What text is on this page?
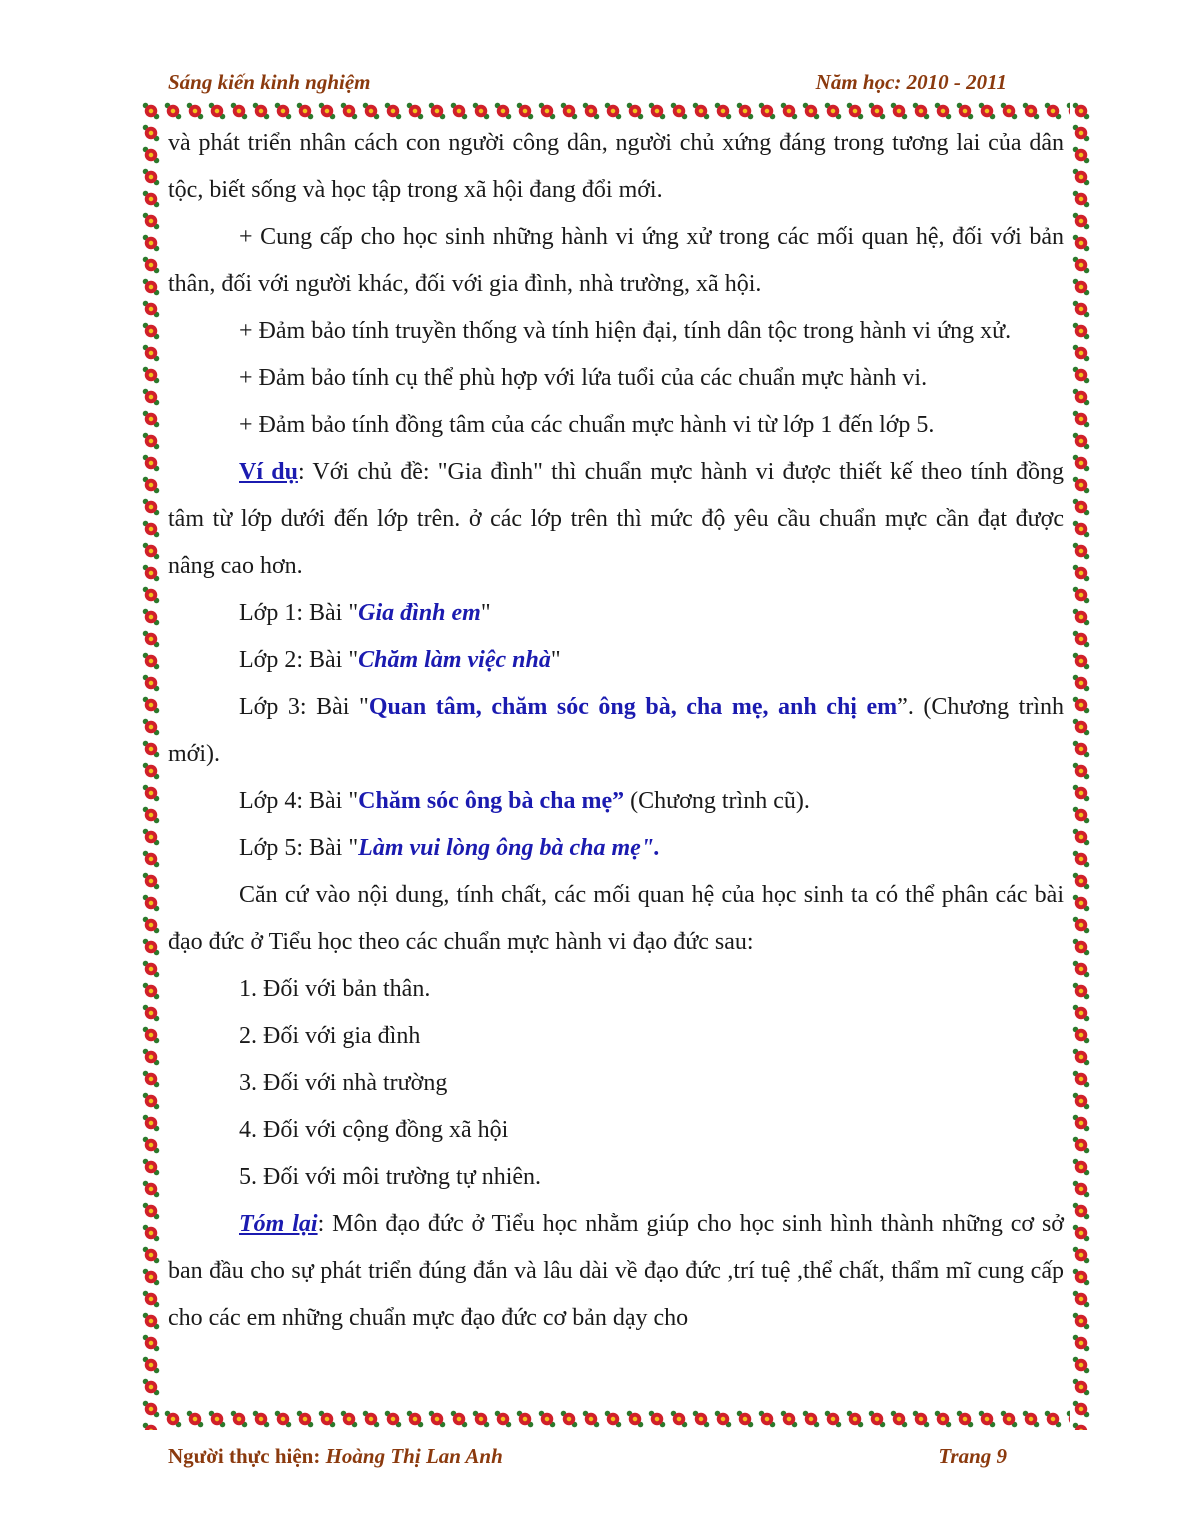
Sáng kiến kinh nghiệm	Năm học: 2010 - 2011

và phát triển nhân cách con người công dân, người chủ xứng đáng trong tương lai của dân tộc, biết sống và học tập trong xã hội đang đổi mới.

+ Cung cấp cho học sinh những hành vi ứng xử trong các mối quan hệ, đối với bản thân, đối với người khác, đối với gia đình, nhà trường, xã hội.

+ Đảm bảo tính truyền thống và tính hiện đại, tính dân tộc trong hành vi ứng xử.

+ Đảm bảo tính cụ thể phù hợp với lứa tuổi của các chuẩn mực hành vi.

+ Đảm bảo tính đồng tâm của các chuẩn mực hành vi từ lớp 1 đến lớp 5.

Ví dụ: Với chủ đề: "Gia đình" thì chuẩn mực hành vi được thiết kế theo tính đồng tâm từ lớp dưới đến lớp trên. ở các lớp trên thì mức độ yêu cầu chuẩn mực cần đạt được nâng cao hơn.

Lớp 1: Bài "Gia đình em"

Lớp 2: Bài "Chăm làm việc nhà"

Lớp 3: Bài "Quan tâm, chăm sóc ông bà, cha mẹ, anh chị em”. (Chương trình mới).

Lớp 4: Bài "Chăm sóc ông bà cha mẹ” (Chương trình cũ).

Lớp 5: Bài "Làm vui lòng ông bà cha mẹ".

Căn cứ vào nội dung, tính chất, các mối quan hệ của học sinh ta có thể phân các bài đạo đức ở Tiểu học theo các chuẩn mực hành vi đạo đức sau:

1. Đối với bản thân.

2. Đối với gia đình

3. Đối với nhà trường

4. Đối với cộng đồng xã hội

5. Đối với môi trường tự nhiên.

Tóm lại: Môn đạo đức ở Tiểu học nhằm giúp cho học sinh hình thành những cơ sở ban đầu cho sự phát triển đúng đắn và lâu dài về đạo đức ,trí tuệ ,thể chất, thẩm mĩ cung cấp cho các em những chuẩn mực đạo đức cơ bản dạy cho

Người thực hiện: Hoàng Thị Lan Anh	Trang 9
